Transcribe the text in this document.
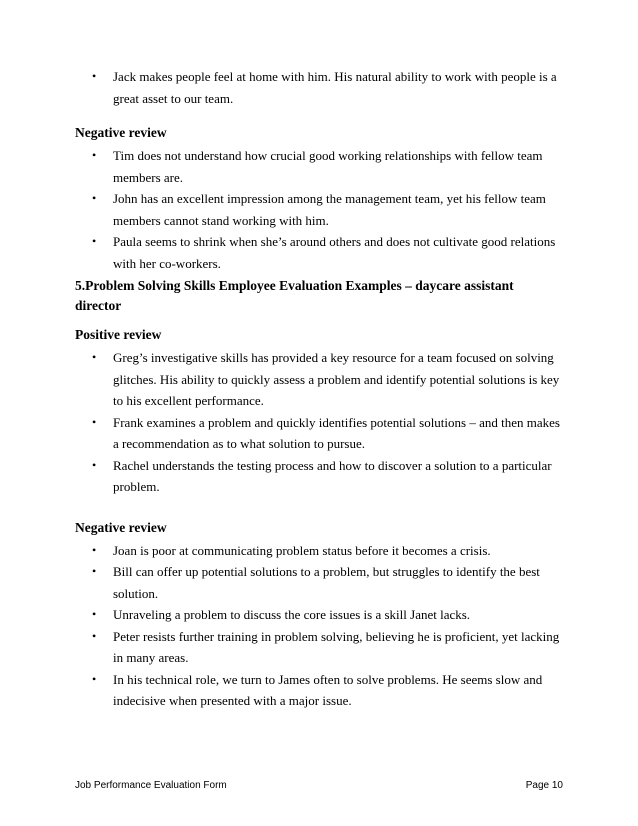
• Jack makes people feel at home with him. His natural ability to work with people is a great asset to our team.

Negative review

• Tim does not understand how crucial good working relationships with fellow team members are.
• John has an excellent impression among the management team, yet his fellow team members cannot stand working with him.
• Paula seems to shrink when she’s around others and does not cultivate good relations with her co-workers.

5.Problem Solving Skills Employee Evaluation Examples – daycare assistant director

Positive review

• Greg’s investigative skills has provided a key resource for a team focused on solving glitches. His ability to quickly assess a problem and identify potential solutions is key to his excellent performance.
• Frank examines a problem and quickly identifies potential solutions – and then makes a recommendation as to what solution to pursue.
• Rachel understands the testing process and how to discover a solution to a particular problem.

Negative review

• Joan is poor at communicating problem status before it becomes a crisis.
• Bill can offer up potential solutions to a problem, but struggles to identify the best solution.
• Unraveling a problem to discuss the core issues is a skill Janet lacks.
• Peter resists further training in problem solving, believing he is proficient, yet lacking in many areas.
• In his technical role, we turn to James often to solve problems. He seems slow and indecisive when presented with a major issue.
Job Performance Evaluation Form	Page 10
